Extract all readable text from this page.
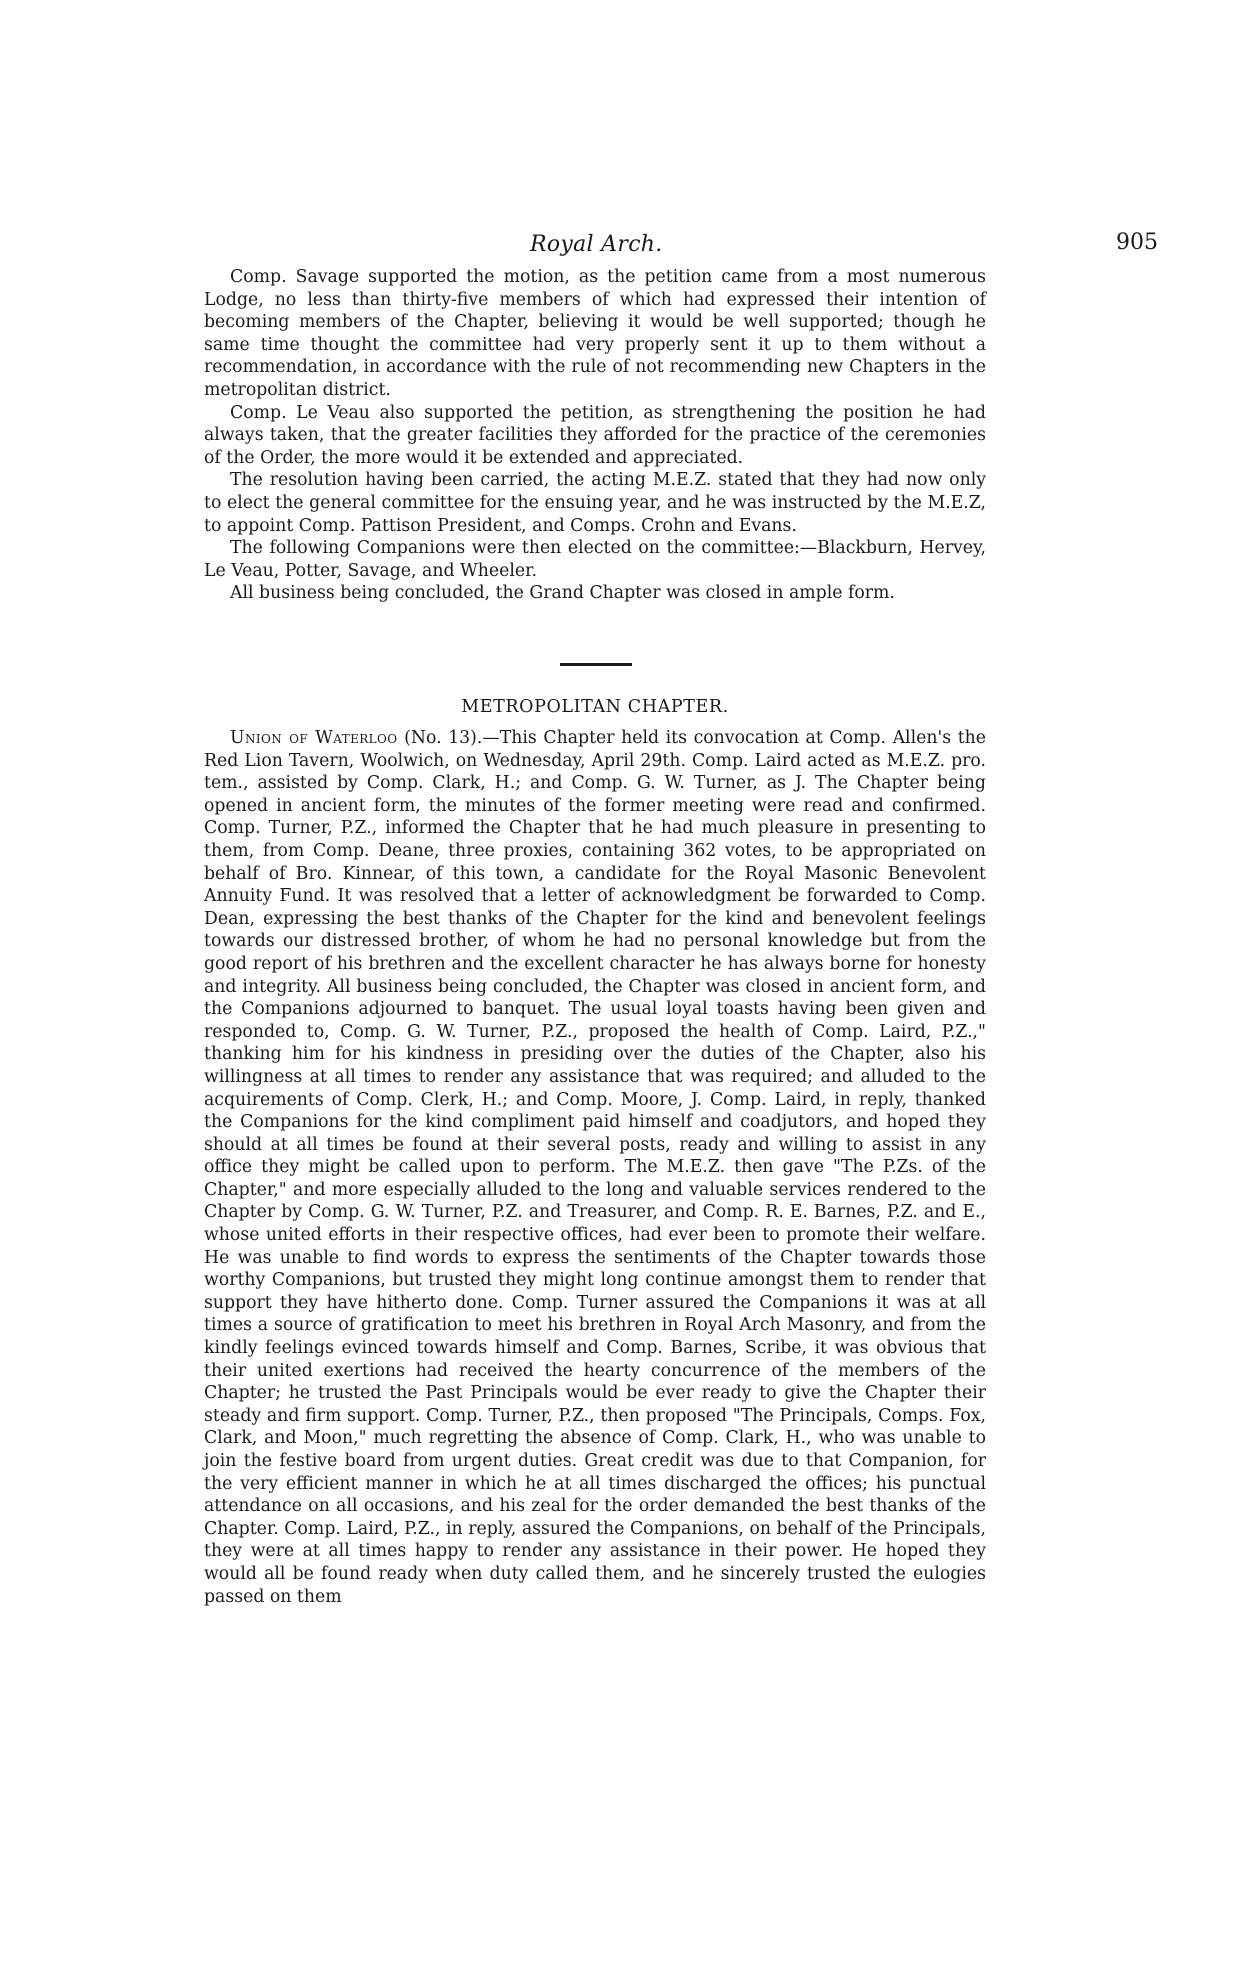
Royal Arch.	905

Comp. Savage supported the motion, as the petition came from a most numerous Lodge, no less than thirty-five members of which had expressed their intention of becoming members of the Chapter, believing it would be well supported; though he same time thought the committee had very properly sent it up to them without a recommendation, in accordance with the rule of not recommending new Chapters in the metropolitan district.

Comp. Le Veau also supported the petition, as strengthening the position he had always taken, that the greater facilities they afforded for the practice of the ceremonies of the Order, the more would it be extended and appreciated.

The resolution having been carried, the acting M.E.Z. stated that they had now only to elect the general committee for the ensuing year, and he was instructed by the M.E.Z, to appoint Comp. Pattison President, and Comps. Crohn and Evans.

The following Companions were then elected on the committee:—Blackburn, Hervey, Le Veau, Potter, Savage, and Wheeler.

All business being concluded, the Grand Chapter was closed in ample form.

METROPOLITAN CHAPTER.

Union of Waterloo (No. 13).—This Chapter held its convocation at Comp. Allen's the Red Lion Tavern, Woolwich, on Wednesday, April 29th. Comp. Laird acted as M.E.Z. pro. tem., assisted by Comp. Clark, H.; and Comp. G. W. Turner, as J. The Chapter being opened in ancient form, the minutes of the former meeting were read and confirmed. Comp. Turner, P.Z., informed the Chapter that he had much pleasure in presenting to them, from Comp. Deane, three proxies, containing 362 votes, to be appropriated on behalf of Bro. Kinnear, of this town, a candidate for the Royal Masonic Benevolent Annuity Fund. It was resolved that a letter of acknowledgment be forwarded to Comp. Dean, expressing the best thanks of the Chapter for the kind and benevolent feelings towards our distressed brother, of whom he had no personal knowledge but from the good report of his brethren and the excellent character he has always borne for honesty and integrity. All business being concluded, the Chapter was closed in ancient form, and the Companions adjourned to banquet. The usual loyal toasts having been given and responded to, Comp. G. W. Turner, P.Z., proposed the health of Comp. Laird, P.Z.," thanking him for his kindness in presiding over the duties of the Chapter, also his willingness at all times to render any assistance that was required; and alluded to the acquirements of Comp. Clerk, H.; and Comp. Moore, J. Comp. Laird, in reply, thanked the Companions for the kind compliment paid himself and coadjutors, and hoped they should at all times be found at their several posts, ready and willing to assist in any office they might be called upon to perform. The M.E.Z. then gave "The P.Zs. of the Chapter," and more especially alluded to the long and valuable services rendered to the Chapter by Comp. G. W. Turner, P.Z. and Treasurer, and Comp. R. E. Barnes, P.Z. and E., whose united efforts in their respective offices, had ever been to promote their welfare. He was unable to find words to express the sentiments of the Chapter towards those worthy Companions, but trusted they might long continue amongst them to render that support they have hitherto done. Comp. Turner assured the Companions it was at all times a source of gratification to meet his brethren in Royal Arch Masonry, and from the kindly feelings evinced towards himself and Comp. Barnes, Scribe, it was obvious that their united exertions had received the hearty concurrence of the members of the Chapter; he trusted the Past Principals would be ever ready to give the Chapter their steady and firm support. Comp. Turner, P.Z., then proposed "The Principals, Comps. Fox, Clark, and Moon," much regretting the absence of Comp. Clark, H., who was unable to join the festive board from urgent duties. Great credit was due to that Companion, for the very efficient manner in which he at all times discharged the offices; his punctual attendance on all occasions, and his zeal for the order demanded the best thanks of the Chapter. Comp. Laird, P.Z., in reply, assured the Companions, on behalf of the Principals, they were at all times happy to render any assistance in their power. He hoped they would all be found ready when duty called them, and he sincerely trusted the eulogies passed on them
